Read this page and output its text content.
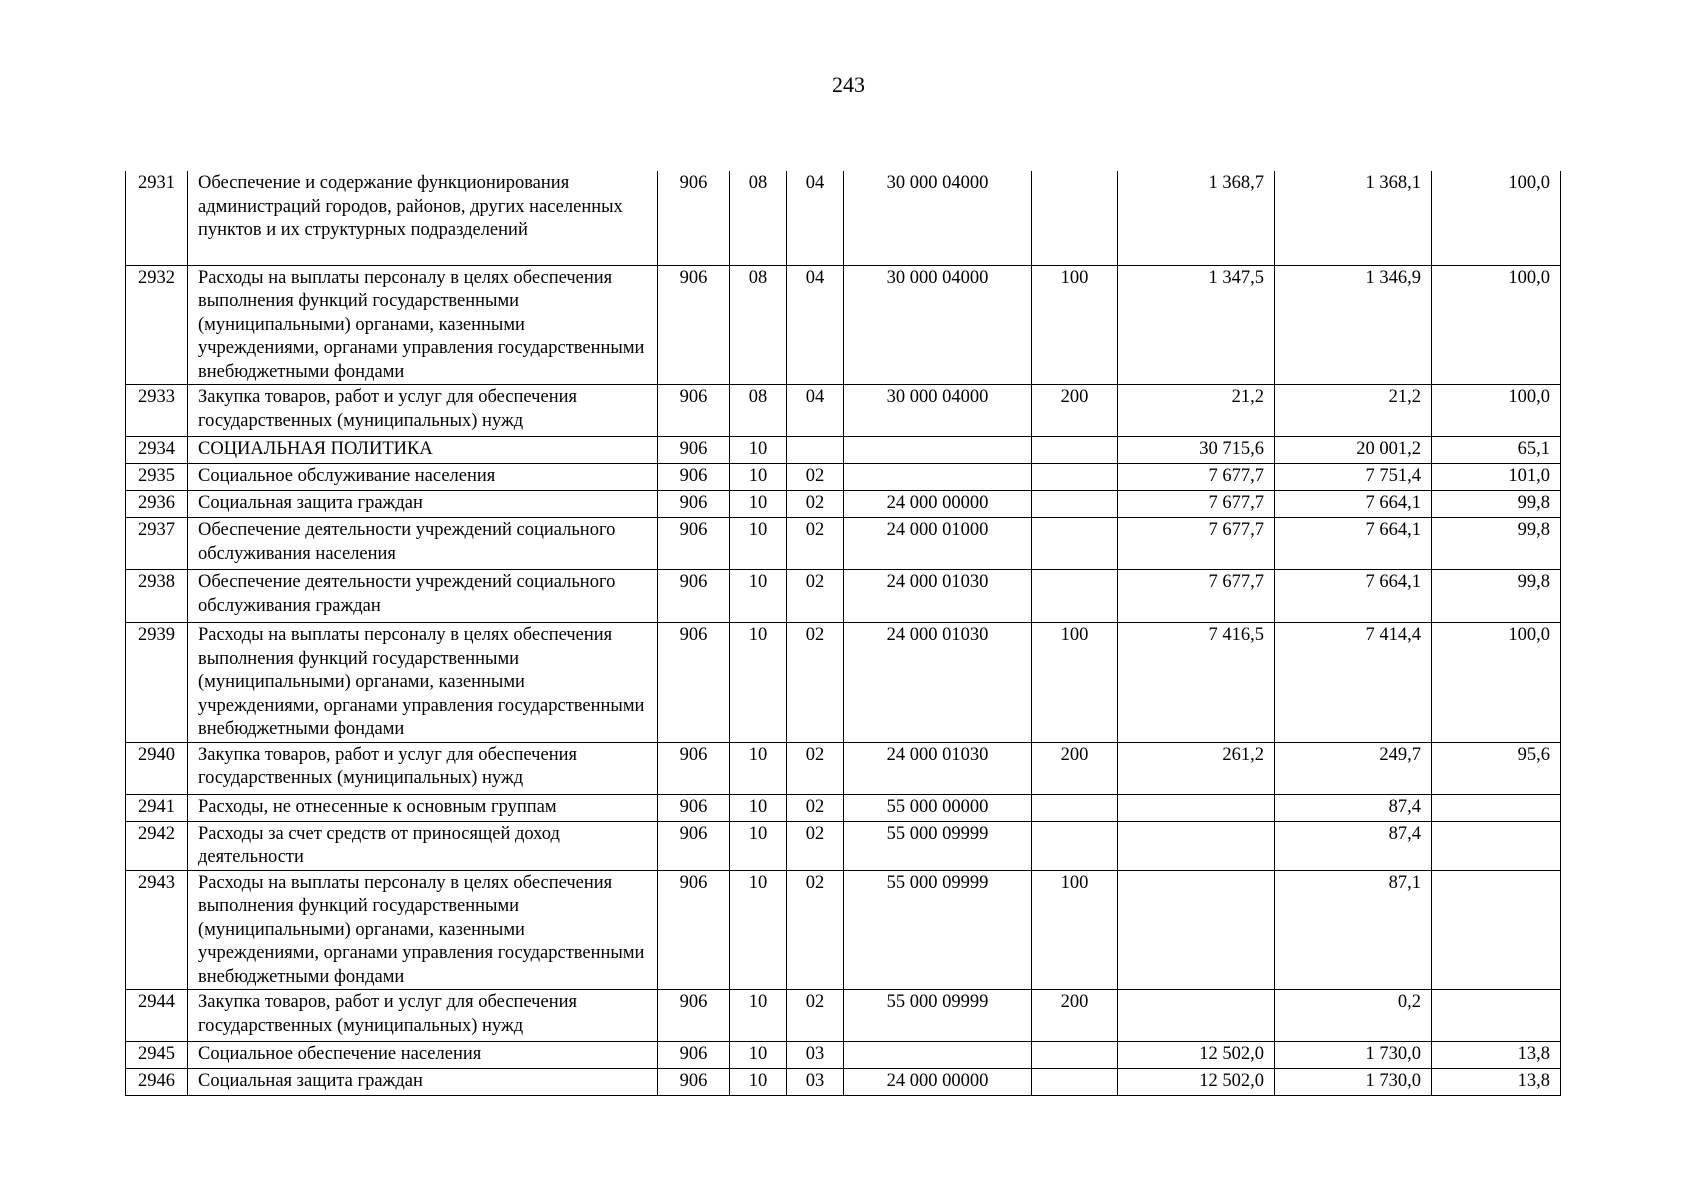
243
2931	Обеспечение и содержание функционирования администраций городов, районов, других населенных пунктов и их структурных подразделений	906	08	04	30 000 04000		1 368,7	1 368,1	100,0
2932	Расходы на выплаты персоналу в целях обеспечения выполнения функций государственными (муниципальными) органами, казенными учреждениями, органами управления государственными внебюджетными фондами	906	08	04	30 000 04000	100	1 347,5	1 346,9	100,0
2933	Закупка товаров, работ и услуг для обеспечения государственных (муниципальных) нужд	906	08	04	30 000 04000	200	21,2	21,2	100,0
2934	СОЦИАЛЬНАЯ ПОЛИТИКА	906	10				30 715,6	20 001,2	65,1
2935	Социальное обслуживание населения	906	10	02			7 677,7	7 751,4	101,0
2936	Социальная защита граждан	906	10	02	24 000 00000		7 677,7	7 664,1	99,8
2937	Обеспечение деятельности учреждений социального обслуживания населения	906	10	02	24 000 01000		7 677,7	7 664,1	99,8
2938	Обеспечение деятельности учреждений социального обслуживания граждан	906	10	02	24 000 01030		7 677,7	7 664,1	99,8
2939	Расходы на выплаты персоналу в целях обеспечения выполнения функций государственными (муниципальными) органами, казенными учреждениями, органами управления государственными внебюджетными фондами	906	10	02	24 000 01030	100	7 416,5	7 414,4	100,0
2940	Закупка товаров, работ и услуг для обеспечения государственных (муниципальных) нужд	906	10	02	24 000 01030	200	261,2	249,7	95,6
2941	Расходы, не отнесенные к основным группам	906	10	02	55 000 00000			87,4	
2942	Расходы за счет средств от приносящей доход деятельности	906	10	02	55 000 09999			87,4	
2943	Расходы на выплаты персоналу в целях обеспечения выполнения функций государственными (муниципальными) органами, казенными учреждениями, органами управления государственными внебюджетными фондами	906	10	02	55 000 09999	100		87,1	
2944	Закупка товаров, работ и услуг для обеспечения государственных (муниципальных) нужд	906	10	02	55 000 09999	200		0,2	
2945	Социальное обеспечение населения	906	10	03			12 502,0	1 730,0	13,8
2946	Социальная защита граждан	906	10	03	24 000 00000		12 502,0	1 730,0	13,8
